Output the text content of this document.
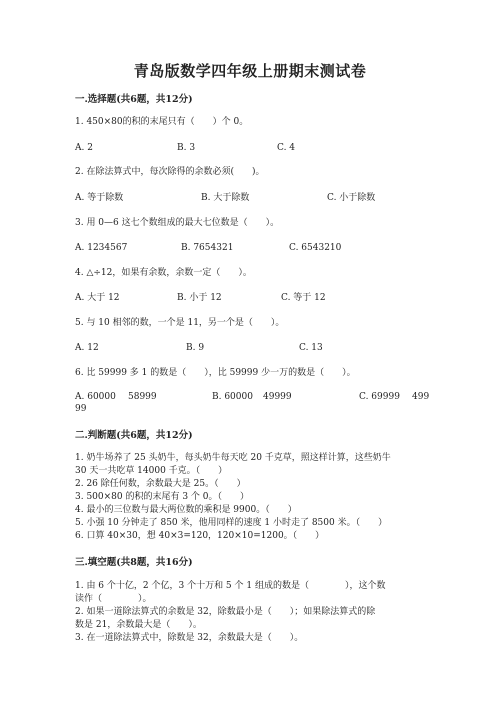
青岛版数学四年级上册期末测试卷
一.选择题(共6题，共12分)
1. 450×80的积的末尾只有（　　）个 0。
A. 2	B. 3	C. 4
2. 在除法算式中，每次除得的余数必须(　　)。
A. 等于除数	B. 大于除数	C. 小于除数
3. 用 0—6 这七个数组成的最大七位数是（　　）。
A. 1234567	B. 7654321	C. 6543210
4. △÷12，如果有余数，余数一定（　　）。
A. 大于 12	B. 小于 12	C. 等于 12
5. 与 10 相邻的数，一个是 11，另一个是（　　）。
A. 12	B. 9	C. 13
6. 比 59999 多 1 的数是（　　），比 59999 少一万的数是（　　）。
A. 60000 58999	B. 60000 49999	C. 69999 499
99
二.判断题(共6题，共12分)
1. 奶牛场养了 25 头奶牛，每头奶牛每天吃 20 千克草，照这样计算，这些奶牛
30 天一共吃草 14000 千克。（　　）
2. 26 除任何数，余数最大是 25。（　　）
3. 500×80 的积的末尾有 3 个 0。（　　）
4. 最小的三位数与最大两位数的乘积是 9900。（　　）
5. 小强 10 分钟走了 850 米，他用同样的速度 1 小时走了 8500 米。（　　）
6. 口算 40×30，想 40×3=120，120×10=1200。（　　）
三.填空题(共8题，共16分)
1. 由 6 个十亿，2 个亿，3 个十万和 5 个 1 组成的数是（　　　　），这个数
读作（　　　　）。
2. 如果一道除法算式的余数是 32，除数最小是（　　）；如果除法算式的除
数是 21，余数最大是（　　）。
3. 在一道除法算式中，除数是 32，余数最大是（　　）。
